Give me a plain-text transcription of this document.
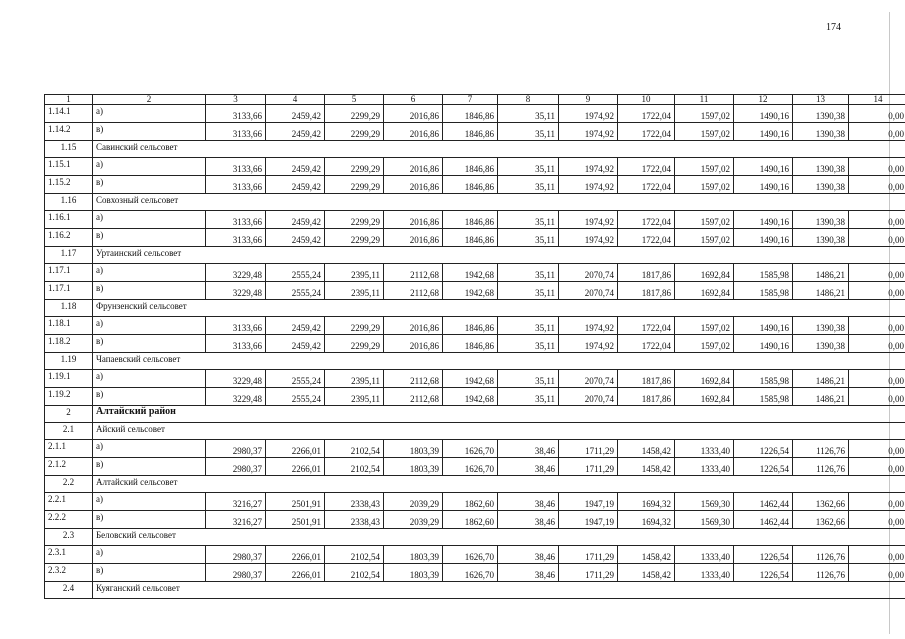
174
1	2	3	4	5	6	7	8	9	10	11	12	13	14
1.14.1	а)	3133,66	2459,42	2299,29	2016,86	1846,86	35,11	1974,92	1722,04	1597,02	1490,16	1390,38	0,00
1.14.2	в)	3133,66	2459,42	2299,29	2016,86	1846,86	35,11	1974,92	1722,04	1597,02	1490,16	1390,38	0,00
1.15	Савинский сельсовет												
1.15.1	а)	3133,66	2459,42	2299,29	2016,86	1846,86	35,11	1974,92	1722,04	1597,02	1490,16	1390,38	0,00
1.15.2	в)	3133,66	2459,42	2299,29	2016,86	1846,86	35,11	1974,92	1722,04	1597,02	1490,16	1390,38	0,00
1.16	Совхозный сельсовет												
1.16.1	а)	3133,66	2459,42	2299,29	2016,86	1846,86	35,11	1974,92	1722,04	1597,02	1490,16	1390,38	0,00
1.16.2	в)	3133,66	2459,42	2299,29	2016,86	1846,86	35,11	1974,92	1722,04	1597,02	1490,16	1390,38	0,00
1.17	Уртаинский сельсовет												
1.17.1	а)	3229,48	2555,24	2395,11	2112,68	1942,68	35,11	2070,74	1817,86	1692,84	1585,98	1486,21	0,00
1.17.1	в)	3229,48	2555,24	2395,11	2112,68	1942,68	35,11	2070,74	1817,86	1692,84	1585,98	1486,21	0,00
1.18	Фрунзенский сельсовет												
1.18.1	а)	3133,66	2459,42	2299,29	2016,86	1846,86	35,11	1974,92	1722,04	1597,02	1490,16	1390,38	0,00
1.18.2	в)	3133,66	2459,42	2299,29	2016,86	1846,86	35,11	1974,92	1722,04	1597,02	1490,16	1390,38	0,00
1.19	Чапаевский сельсовет												
1.19.1	а)	3229,48	2555,24	2395,11	2112,68	1942,68	35,11	2070,74	1817,86	1692,84	1585,98	1486,21	0,00
1.19.2	в)	3229,48	2555,24	2395,11	2112,68	1942,68	35,11	2070,74	1817,86	1692,84	1585,98	1486,21	0,00
2	Алтайский район												
2.1	Айский сельсовет												
2.1.1	а)	2980,37	2266,01	2102,54	1803,39	1626,70	38,46	1711,29	1458,42	1333,40	1226,54	1126,76	0,00
2.1.2	в)	2980,37	2266,01	2102,54	1803,39	1626,70	38,46	1711,29	1458,42	1333,40	1226,54	1126,76	0,00
2.2	Алтайский сельсовет												
2.2.1	а)	3216,27	2501,91	2338,43	2039,29	1862,60	38,46	1947,19	1694,32	1569,30	1462,44	1362,66	0,00
2.2.2	в)	3216,27	2501,91	2338,43	2039,29	1862,60	38,46	1947,19	1694,32	1569,30	1462,44	1362,66	0,00
2.3	Беловский сельсовет												
2.3.1	а)	2980,37	2266,01	2102,54	1803,39	1626,70	38,46	1711,29	1458,42	1333,40	1226,54	1126,76	0,00
2.3.2	в)	2980,37	2266,01	2102,54	1803,39	1626,70	38,46	1711,29	1458,42	1333,40	1226,54	1126,76	0,00
2.4	Куяганский сельсовет												
